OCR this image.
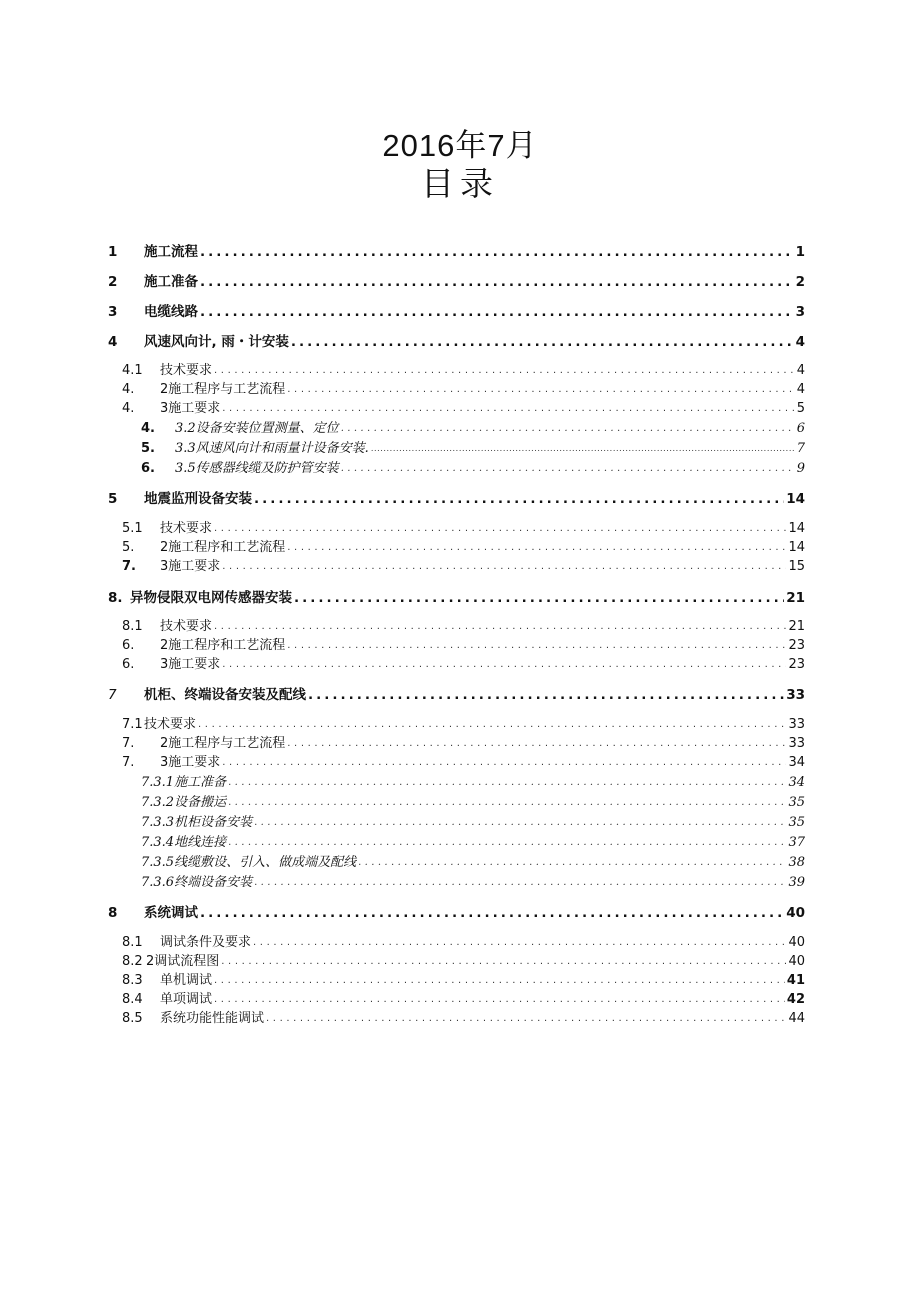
2016年7月
目录
1	施工流程 .....	1
2	施工准备 .....	2
3	电缆线路 .....	3
4	风速风向计, 雨・计安装 .....	4
4.1	技术要求 .....	4
4.	2施工程序与工艺流程 .....	4
4.	3施工要求 .....	5
4.	3.2设备安装位置测量、定位 .....	6
5.	3.3风速风向计和雨量计设备安装. .....	7
6.	3.5传感器线缆及防护管安装 .....	9
5	地震监刑设备安装 .....	14
5.1	技术要求 .....	14
5.	2施工程序和工艺流程 .....	14
7.	3施工要求 .....	15
8. 异物侵限双电网传感器安装 .....	21
8.1	技术要求 .....	21
6.	2施工程序和工艺流程 .....	23
6.	3施工要求 .....	23
7	机柜、终端设备安装及配线 .....	33
7.1 技术要求 .....	33
7.	2施工程序与工艺流程 .....	33
7.	3施工要求 .....	34
7.3.1 施工准备 .....	34
7.3.2 设备搬运 .....	35
7.3.3 机柜设备安装 .....	35
7.3.4 地线连接 .....	37
7.3.5 线缆敷设、引入、做成端及配线 .....	38
7.3.6 终端设备安装 .....	39
8	系统调试 .....	40
8.1	调试条件及要求 .....	40
8.2 2调试流程图 .....	40
8.3	单机调试 .....	41
8.4	单项调试 .....	42
8.5	系统功能性能调试 .....	44
